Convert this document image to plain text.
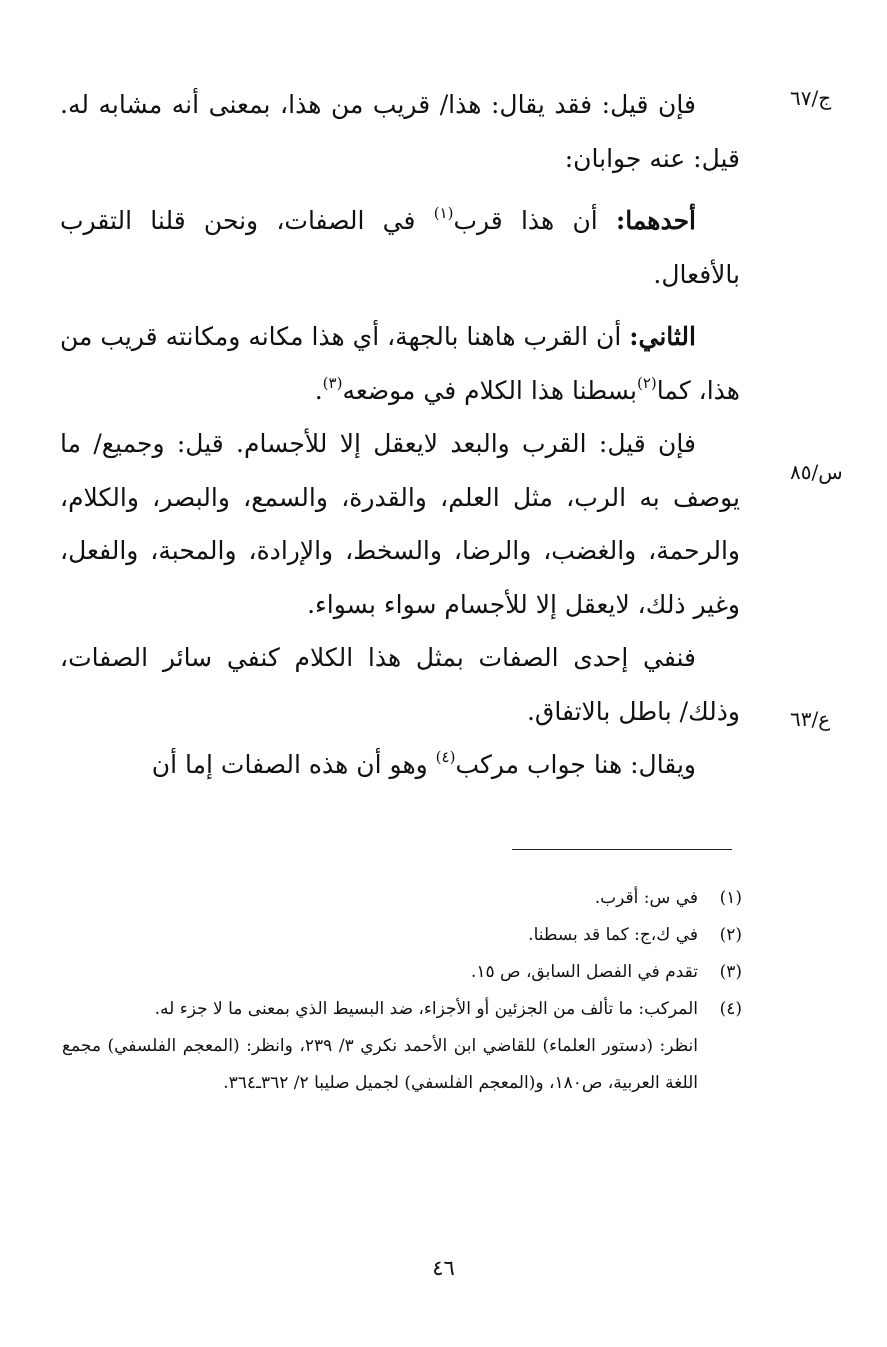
ج/٦٧
س/٨٥
ع/٦٣

فإن قيل: فقد يقال: هذا/ قريب من هذا، بمعنى أنه مشابه له. قيل: عنه جوابان:

أحدهما: أن هذا قرب$^{(١)}$ في الصفات، ونحن قلنا التقرب بالأفعال.

الثاني: أن القرب هاهنا بالجهة، أي هذا مكانه ومكانته قريب من هذا، كما$^{(٢)}$بسطنا هذا الكلام في موضعه$^{(٣)}$.

فإن قيل: القرب والبعد لايعقل إلا للأجسام. قيل: وجميع/ ما يوصف به الرب، مثل العلم، والقدرة، والسمع، والبصر، والكلام، والرحمة، والغضب، والرضا، والسخط، والإرادة، والمحبة، والفعل، وغير ذلك، لايعقل إلا للأجسام سواء بسواء.

فنفي إحدى الصفات بمثل هذا الكلام كنفي سائر الصفات، وذلك/ باطل بالاتفاق.

ويقال: هنا جواب مركب$^{(٤)}$ وهو أن هذه الصفات إما أن

(١)
في س: أقرب.
(٢)
في ك،ج: كما قد بسطنا.
(٣)
تقدم في الفصل السابق، ص ١٥.
(٤)
المركب: ما تألف من الجزئين أو الأجزاء، ضد البسيط الذي بمعنى ما لا جزء له.
انظر: (دستور العلماء) للقاضي ابن الأحمد نكري ٣/ ٢٣٩، وانظر: (المعجم الفلسفي) مجمع اللغة العربية، ص١٨٠، و(المعجم الفلسفي) لجميل صليبا ٢/ ٣٦٢ـ٣٦٤.
٤٦
